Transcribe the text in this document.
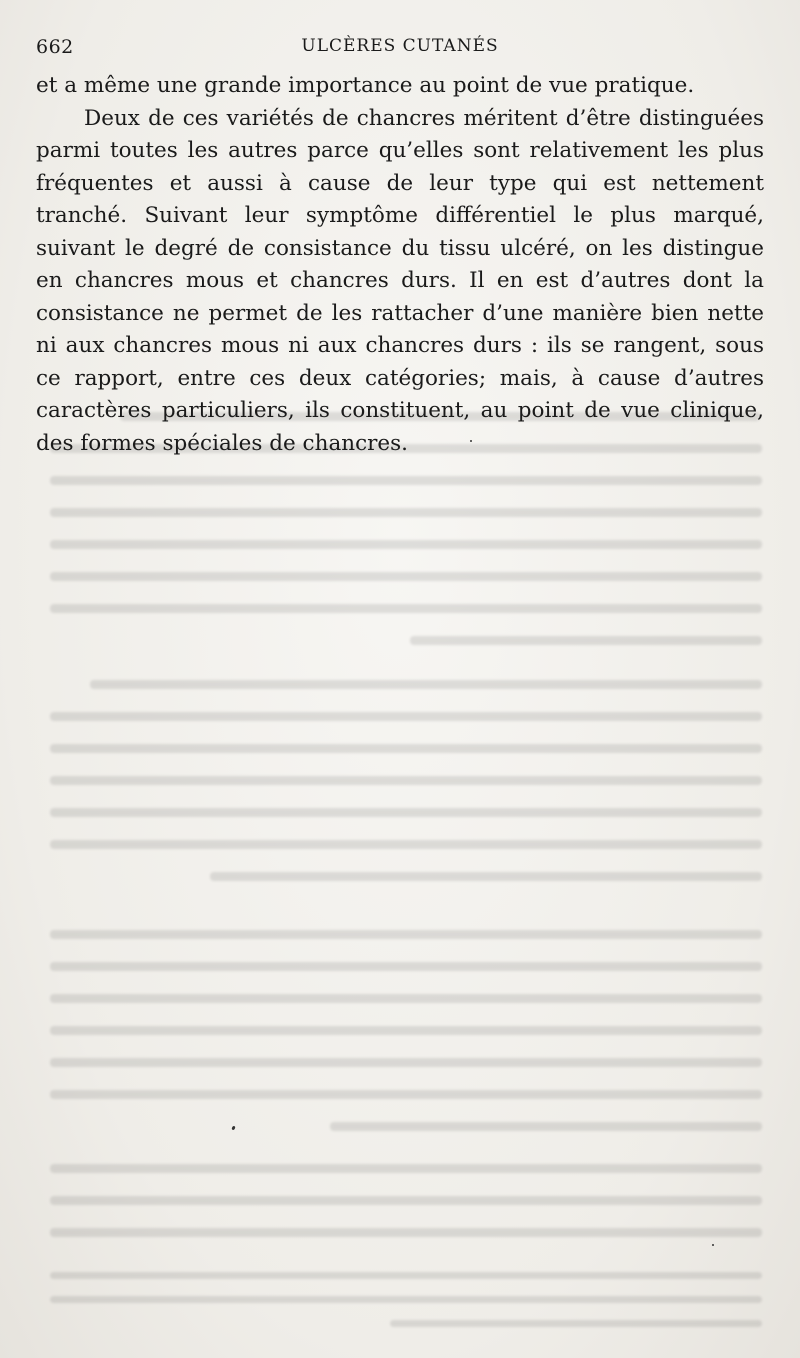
662	ULCÈRES CUTANÉS

et a même une grande importance au point de vue pratique.

Deux de ces variétés de chancres méritent d’être distinguées parmi toutes les autres parce qu’elles sont relativement les plus fréquentes et aussi à cause de leur type qui est nettement tranché. Suivant leur symptôme différentiel le plus marqué, suivant le degré de consistance du tissu ulcéré, on les distingue en chancres mous et chancres durs. Il en est d’autres dont la consistance ne permet de les rattacher d’une manière bien nette ni aux chancres mous ni aux chancres durs : ils se rangent, sous ce rapport, entre ces deux catégories; mais, à cause d’autres caractères particuliers, ils constituent, au point de vue clinique, des formes spéciales de chancres.
